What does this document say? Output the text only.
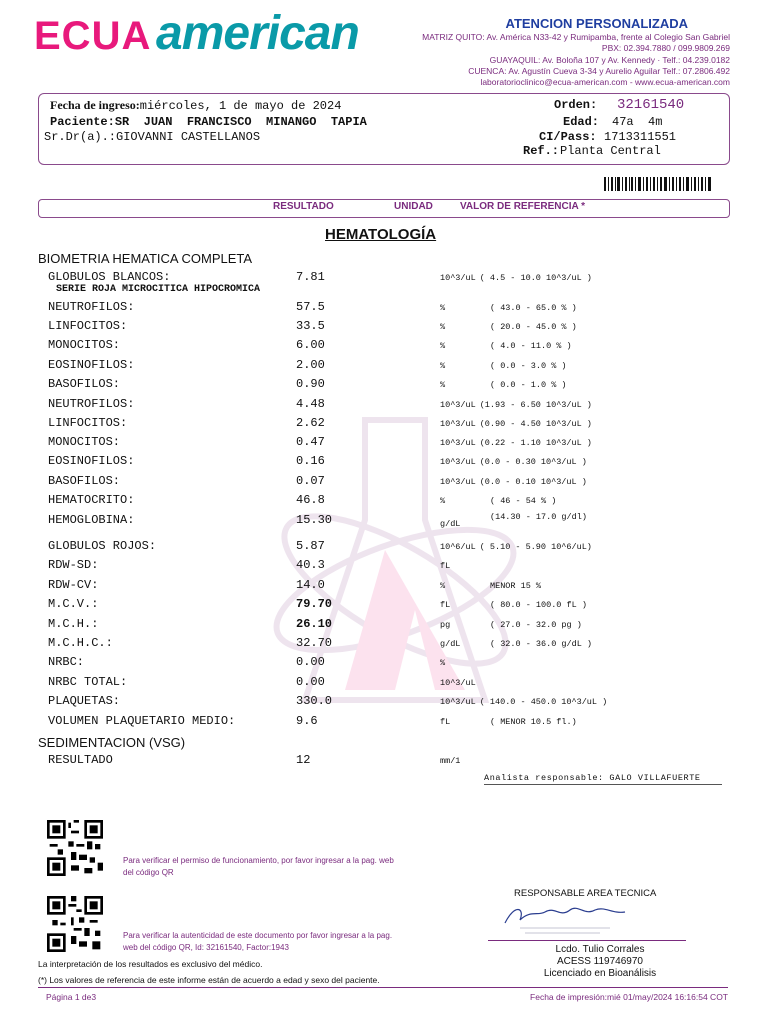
ECUA american	ATENCION PERSONALIZADA
MATRIZ QUITO: Av. América N33-42 y Rumipamba, frente al Colegio San Gabriel
PBX: 02.394.7880 / 099.9809.269
GUAYAQUIL: Av. Boloña 107 y Av. Kennedy · Telf.: 04.239.0182
CUENCA: Av. Agustín Cueva 3-34 y Aurelio Aguilar Telf.: 07.2806.492
laboratorioclinico@ecua-american.com - www.ecua-american.com
Fecha de ingreso:miércoles, 1 de mayo de 2024
Paciente:SR  JUAN  FRANCISCO  MINANGO  TAPIA
Sr.Dr(a).:GIOVANNI CASTELLANOS
Orden: 32161540
Edad: 47a  4m
CI/Pass: 1713311551
Ref.: Planta Central
RESULTADO	UNIDAD	VALOR DE REFERENCIA *
HEMATOLOGÍA
BIOMETRIA HEMATICA COMPLETA
GLOBULOS BLANCOS:	7.81	10^3/uL ( 4.5 - 10.0 10^3/uL )
NEUTROFILOS:	57.5	%	( 43.0 - 65.0 % )
LINFOCITOS:	33.5	%	( 20.0 - 45.0 % )
MONOCITOS:	6.00	%	( 4.0 - 11.0 % )
EOSINOFILOS:	2.00	%	( 0.0 - 3.0 % )
BASOFILOS:	0.90	%	( 0.0 - 1.0 % )
NEUTROFILOS:	4.48	10^3/uL (1.93 - 6.50 10^3/uL )
LINFOCITOS:	2.62	10^3/uL (0.90 - 4.50 10^3/uL )
MONOCITOS:	0.47	10^3/uL (0.22 - 1.10 10^3/uL )
EOSINOFILOS:	0.16	10^3/uL (0.0 - 0.30 10^3/uL )
BASOFILOS:	0.07	10^3/uL (0.0 - 0.10 10^3/uL )
HEMATOCRITO:	46.8	%	( 46 - 54 % )
HEMOGLOBINA:	15.30	g/dL
(14.30 - 17.0 g/dl)
GLOBULOS ROJOS:	5.87	10^6/uL ( 5.10 - 5.90 10^6/uL)
RDW-SD:	40.3	fL
RDW-CV:	14.0	%	MENOR 15 %
M.C.V.:	79.70	fL	( 80.0 - 100.0 fL )
M.C.H.:	26.10	pg	( 27.0 - 32.0 pg )
M.C.H.C.:	32.70	g/dL	( 32.0 - 36.0 g/dL )
NRBC:	0.00	%
NRBC TOTAL:	0.00	10^3/uL
PLAQUETAS:	330.0	10^3/uL ( 140.0 - 450.0 10^3/uL )
VOLUMEN PLAQUETARIO MEDIO:	9.6	fL	( MENOR 10.5 fl.)
SERIE ROJA MICROCITICA HIPOCROMICA
SEDIMENTACION (VSG)
RESULTADO	12	mm/1
Analista responsable: GALO VILLAFUERTE
Para verificar el permiso de funcionamiento, por favor ingresar a la pag. web
del código QR
Para verificar la autenticidad de este documento por favor ingresar a la pag.
web del código QR, Id: 32161540, Factor:1943
RESPONSABLE AREA TECNICA
Lcdo. Tulio Corrales
ACESS 119746970
Licenciado en Bioanálisis
La interpretación de los resultados es exclusivo del médico.
(*) Los valores de referencia de este informe están de acuerdo a edad y sexo del paciente.
Página 1 de3	Fecha de impresión:mié 01/may/2024 16:16:54 COT
